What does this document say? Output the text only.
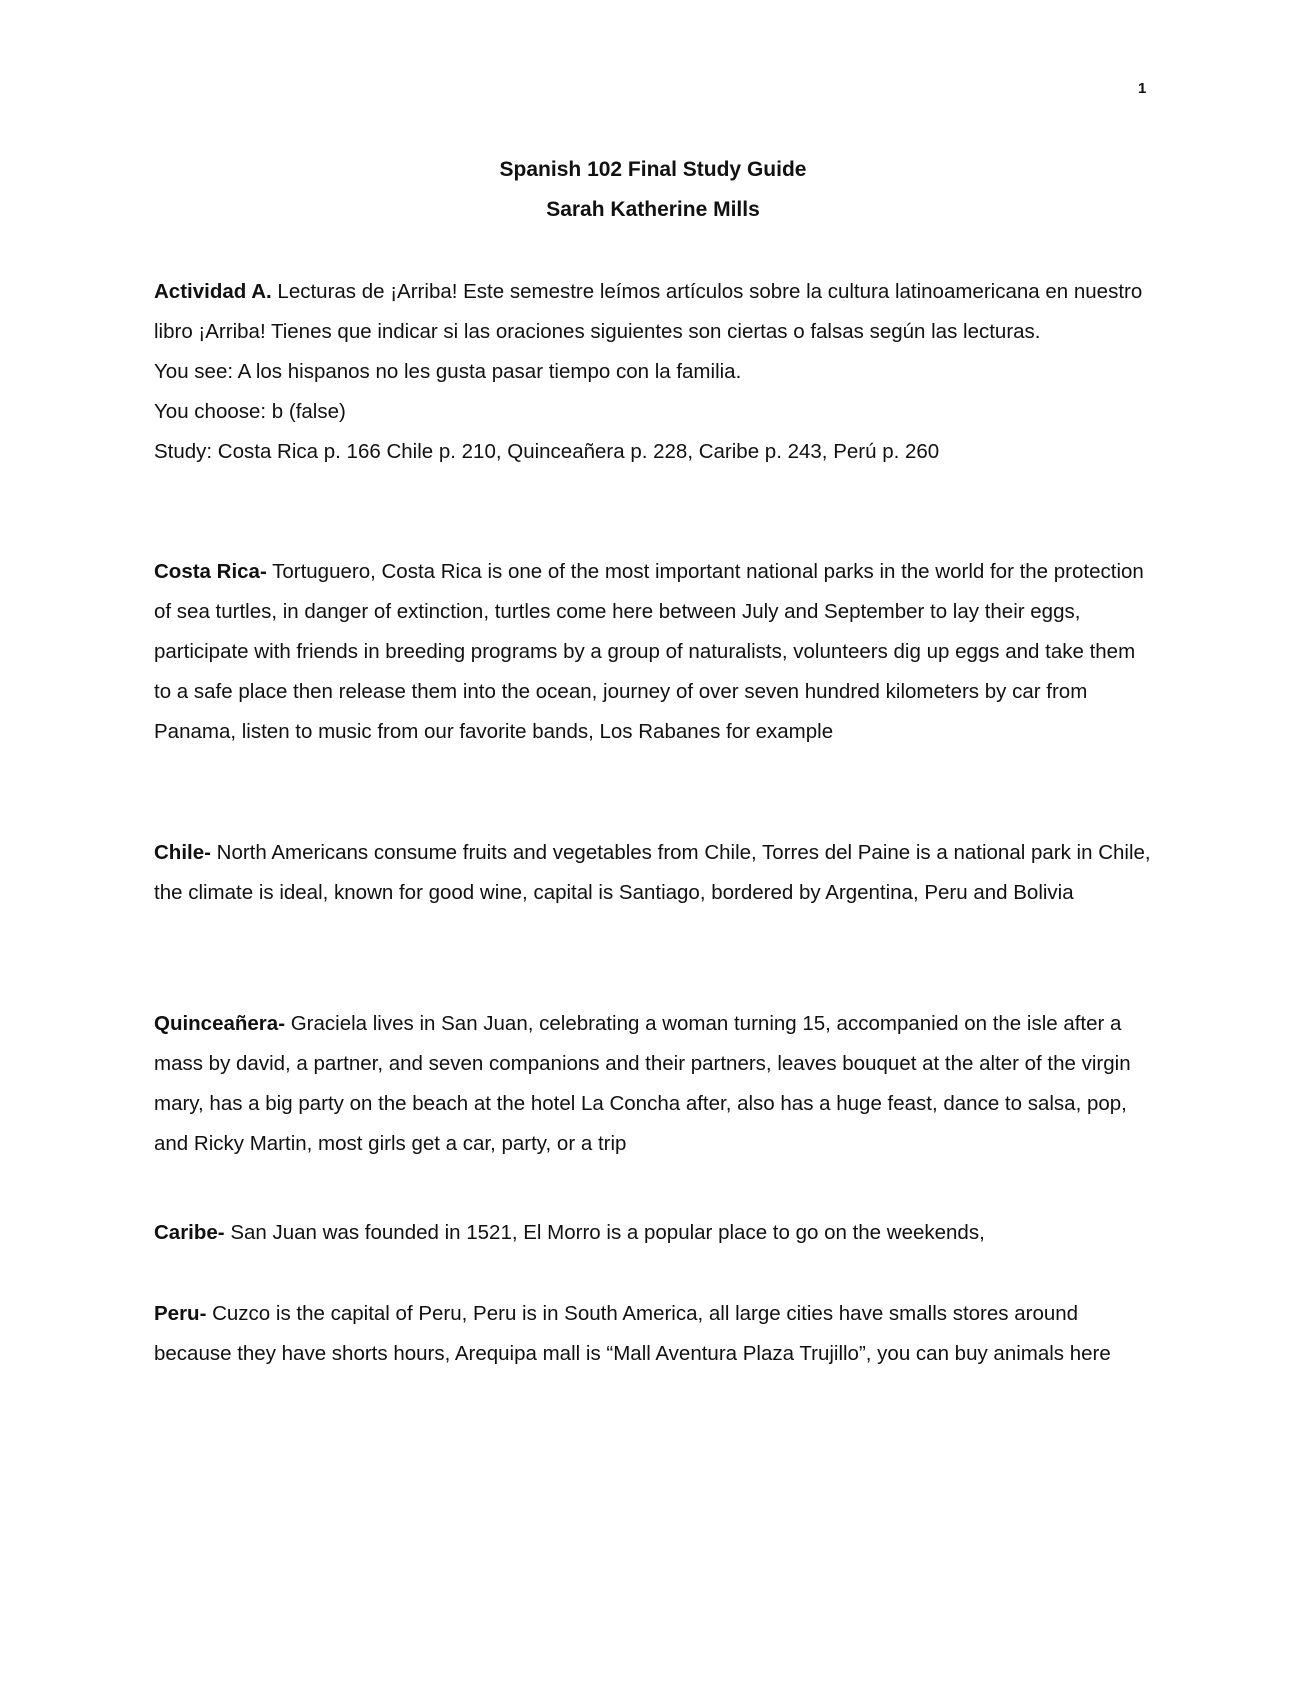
1

Spanish 102 Final Study Guide

Sarah Katherine Mills

Actividad A. Lecturas de ¡Arriba! Este semestre leímos artículos sobre la cultura latinoamericana en nuestro libro ¡Arriba! Tienes que indicar si las oraciones siguientes son ciertas o falsas según las lecturas.

You see: A los hispanos no les gusta pasar tiempo con la familia.

You choose: b (false)

Study: Costa Rica p. 166 Chile p. 210, Quinceañera p. 228, Caribe p. 243, Perú p. 260

Costa Rica- Tortuguero, Costa Rica is one of the most important national parks in the world for the protection of sea turtles, in danger of extinction, turtles come here between July and September to lay their eggs, participate with friends in breeding programs by a group of naturalists, volunteers dig up eggs and take them to a safe place then release them into the ocean, journey of over seven hundred kilometers by car from Panama, listen to music from our favorite bands, Los Rabanes for example

Chile- North Americans consume fruits and vegetables from Chile, Torres del Paine is a national park in Chile, the climate is ideal, known for good wine, capital is Santiago, bordered by Argentina, Peru and Bolivia

Quinceañera- Graciela lives in San Juan, celebrating a woman turning 15, accompanied on the isle after a mass by david, a partner, and seven companions and their partners, leaves bouquet at the alter of the virgin mary, has a big party on the beach at the hotel La Concha after, also has a huge feast, dance to salsa, pop, and Ricky Martin, most girls get a car, party, or a trip

Caribe- San Juan was founded in 1521, El Morro is a popular place to go on the weekends,

Peru- Cuzco is the capital of Peru, Peru is in South America, all large cities have smalls stores around because they have shorts hours, Arequipa mall is “Mall Aventura Plaza Trujillo”, you can buy animals here
